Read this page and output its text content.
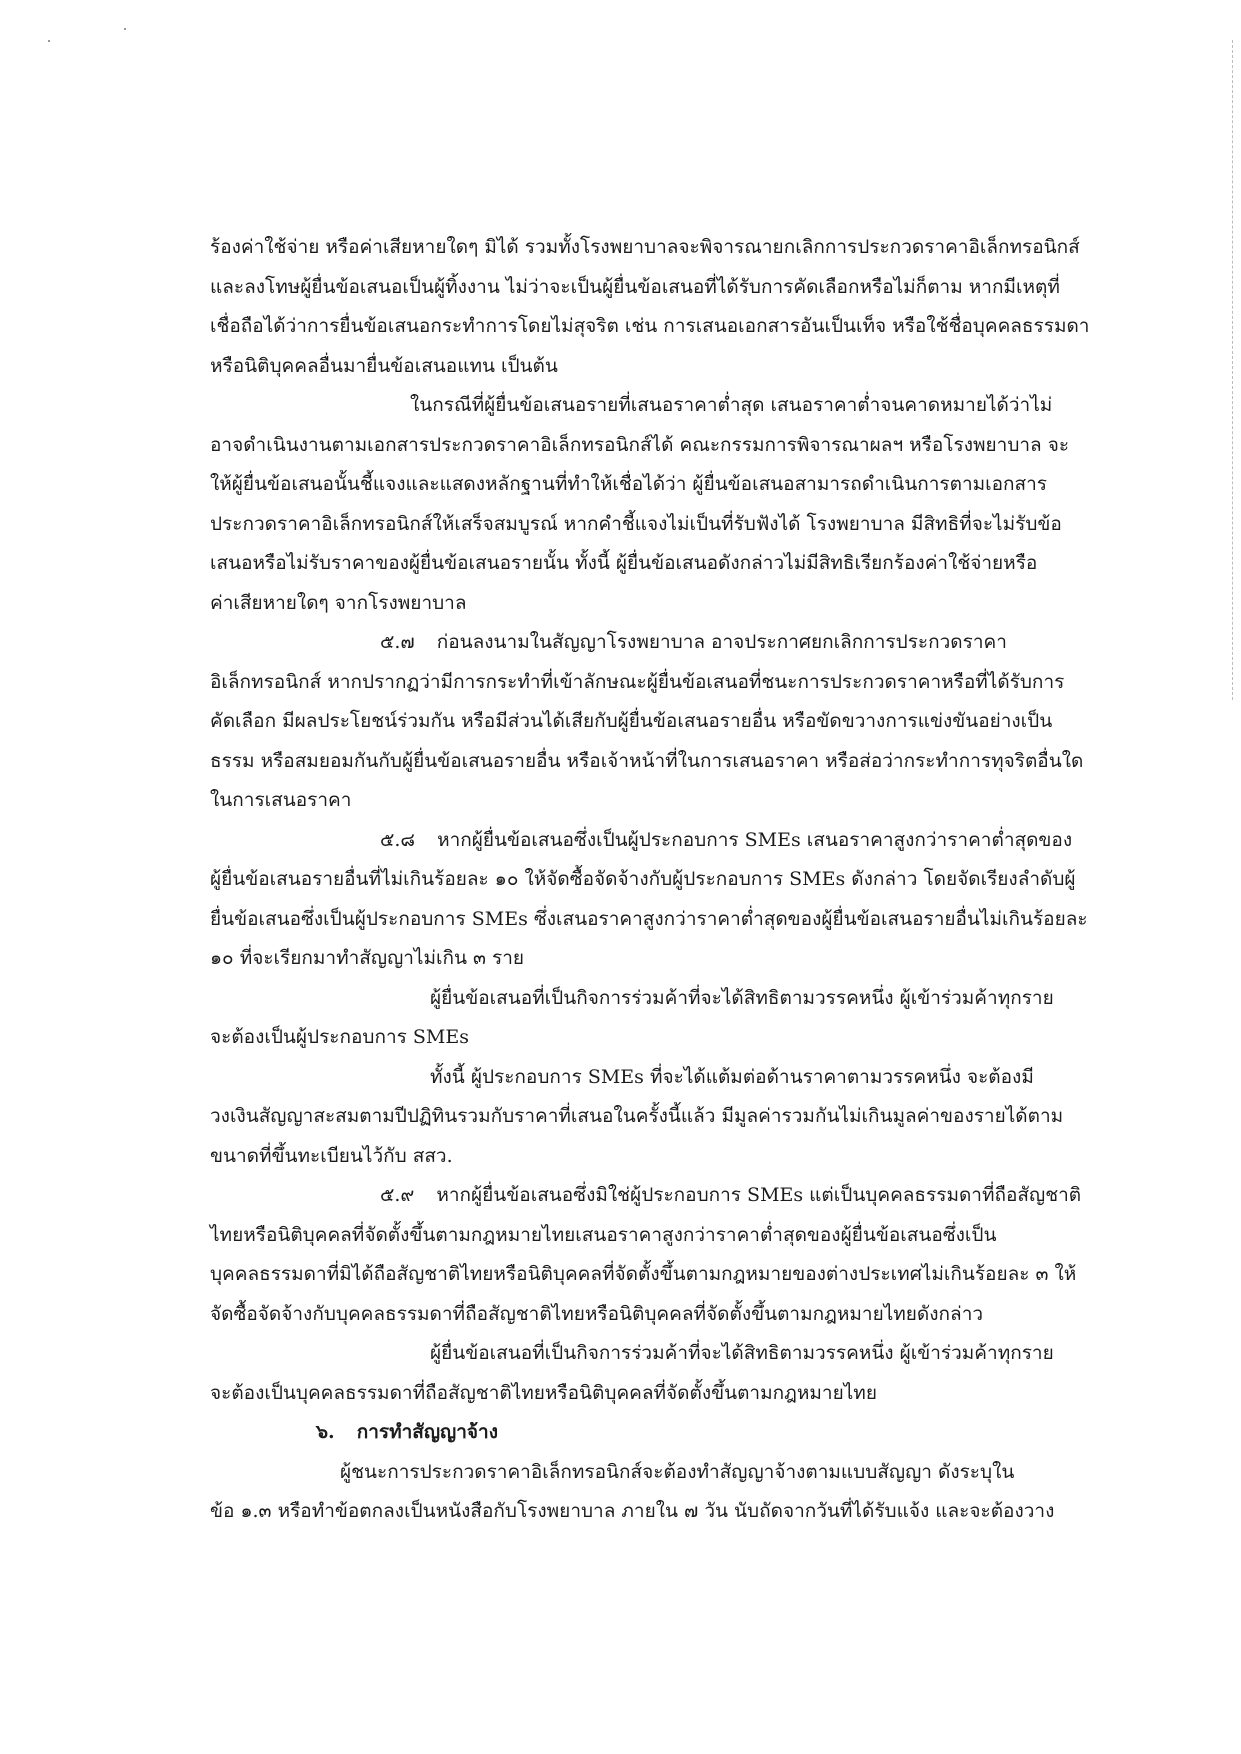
ร้องค่าใช้จ่าย หรือค่าเสียหายใดๆ มิได้ รวมทั้งโรงพยาบาลจะพิจารณายกเลิกการประกวดราคาอิเล็กทรอนิกส์
และลงโทษผู้ยื่นข้อเสนอเป็นผู้ทิ้งงาน ไม่ว่าจะเป็นผู้ยื่นข้อเสนอที่ได้รับการคัดเลือกหรือไม่ก็ตาม หากมีเหตุที่
เชื่อถือได้ว่าการยื่นข้อเสนอกระทำการโดยไม่สุจริต เช่น การเสนอเอกสารอันเป็นเท็จ หรือใช้ชื่อบุคคลธรรมดา
หรือนิติบุคคลอื่นมายื่นข้อเสนอแทน เป็นต้น
ในกรณีที่ผู้ยื่นข้อเสนอรายที่เสนอราคาต่ำสุด เสนอราคาต่ำจนคาดหมายได้ว่าไม่
อาจดำเนินงานตามเอกสารประกวดราคาอิเล็กทรอนิกส์ได้ คณะกรรมการพิจารณาผลฯ หรือโรงพยาบาล จะ
ให้ผู้ยื่นข้อเสนอนั้นชี้แจงและแสดงหลักฐานที่ทำให้เชื่อได้ว่า ผู้ยื่นข้อเสนอสามารถดำเนินการตามเอกสาร
ประกวดราคาอิเล็กทรอนิกส์ให้เสร็จสมบูรณ์ หากคำชี้แจงไม่เป็นที่รับฟังได้ โรงพยาบาล มีสิทธิที่จะไม่รับข้อ
เสนอหรือไม่รับราคาของผู้ยื่นข้อเสนอรายนั้น ทั้งนี้ ผู้ยื่นข้อเสนอดังกล่าวไม่มีสิทธิเรียกร้องค่าใช้จ่ายหรือ
ค่าเสียหายใดๆ จากโรงพยาบาล
๕.๗ ก่อนลงนามในสัญญาโรงพยาบาล อาจประกาศยกเลิกการประกวดราคา
อิเล็กทรอนิกส์ หากปรากฏว่ามีการกระทำที่เข้าลักษณะผู้ยื่นข้อเสนอที่ชนะการประกวดราคาหรือที่ได้รับการ
คัดเลือก มีผลประโยชน์ร่วมกัน หรือมีส่วนได้เสียกับผู้ยื่นข้อเสนอรายอื่น หรือขัดขวางการแข่งขันอย่างเป็น
ธรรม หรือสมยอมกันกับผู้ยื่นข้อเสนอรายอื่น หรือเจ้าหน้าที่ในการเสนอราคา หรือส่อว่ากระทำการทุจริตอื่นใด
ในการเสนอราคา
๕.๘ หากผู้ยื่นข้อเสนอซึ่งเป็นผู้ประกอบการ SMEs เสนอราคาสูงกว่าราคาต่ำสุดของ
ผู้ยื่นข้อเสนอรายอื่นที่ไม่เกินร้อยละ ๑๐ ให้จัดซื้อจัดจ้างกับผู้ประกอบการ SMEs ดังกล่าว โดยจัดเรียงลำดับผู้
ยื่นข้อเสนอซึ่งเป็นผู้ประกอบการ SMEs ซึ่งเสนอราคาสูงกว่าราคาต่ำสุดของผู้ยื่นข้อเสนอรายอื่นไม่เกินร้อยละ
๑๐ ที่จะเรียกมาทำสัญญาไม่เกิน ๓ ราย
ผู้ยื่นข้อเสนอที่เป็นกิจการร่วมค้าที่จะได้สิทธิตามวรรคหนึ่ง ผู้เข้าร่วมค้าทุกราย
จะต้องเป็นผู้ประกอบการ SMEs
ทั้งนี้ ผู้ประกอบการ SMEs ที่จะได้แต้มต่อด้านราคาตามวรรคหนึ่ง จะต้องมี
วงเงินสัญญาสะสมตามปีปฏิทินรวมกับราคาที่เสนอในครั้งนี้แล้ว มีมูลค่ารวมกันไม่เกินมูลค่าของรายได้ตาม
ขนาดที่ขึ้นทะเบียนไว้กับ สสว.
๕.๙ หากผู้ยื่นข้อเสนอซึ่งมิใช่ผู้ประกอบการ SMEs แต่เป็นบุคคลธรรมดาที่ถือสัญชาติ
ไทยหรือนิติบุคคลที่จัดตั้งขึ้นตามกฎหมายไทยเสนอราคาสูงกว่าราคาต่ำสุดของผู้ยื่นข้อเสนอซึ่งเป็น
บุคคลธรรมดาที่มิได้ถือสัญชาติไทยหรือนิติบุคคลที่จัดตั้งขึ้นตามกฎหมายของต่างประเทศไม่เกินร้อยละ ๓ ให้
จัดซื้อจัดจ้างกับบุคคลธรรมดาที่ถือสัญชาติไทยหรือนิติบุคคลที่จัดตั้งขึ้นตามกฎหมายไทยดังกล่าว
ผู้ยื่นข้อเสนอที่เป็นกิจการร่วมค้าที่จะได้สิทธิตามวรรคหนึ่ง ผู้เข้าร่วมค้าทุกราย
จะต้องเป็นบุคคลธรรมดาที่ถือสัญชาติไทยหรือนิติบุคคลที่จัดตั้งขึ้นตามกฎหมายไทย
๖. การทำสัญญาจ้าง
ผู้ชนะการประกวดราคาอิเล็กทรอนิกส์จะต้องทำสัญญาจ้างตามแบบสัญญา ดังระบุใน
ข้อ ๑.๓ หรือทำข้อตกลงเป็นหนังสือกับโรงพยาบาล ภายใน ๗ วัน นับถัดจากวันที่ได้รับแจ้ง และจะต้องวาง
